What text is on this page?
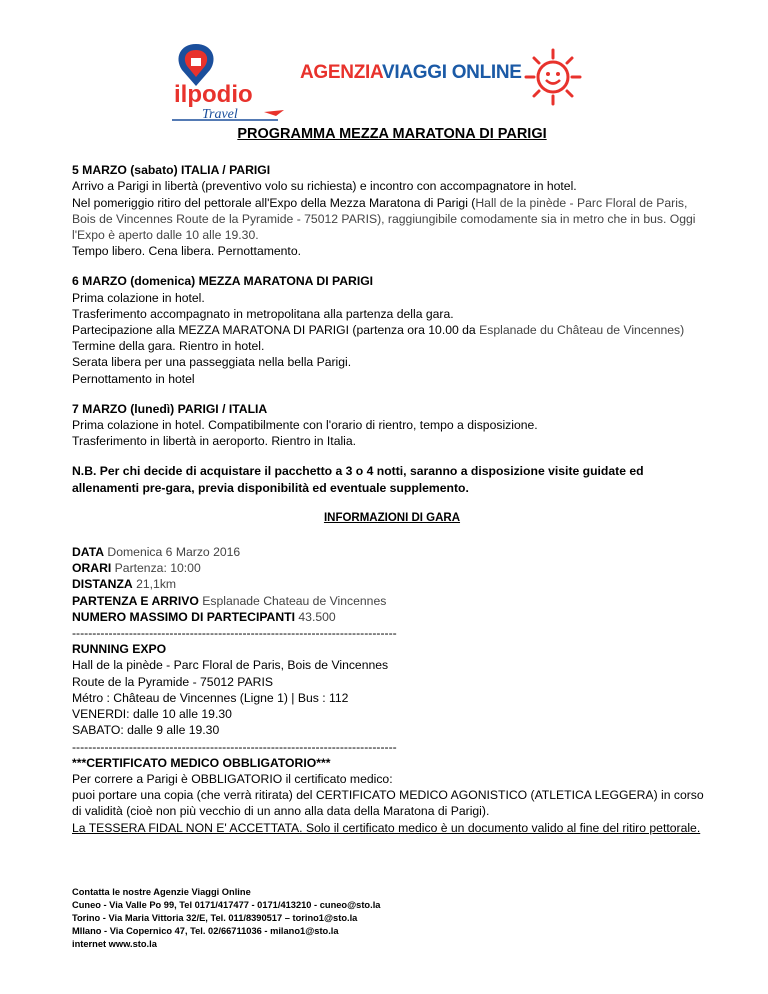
ilpodio
Travel
AGENZIAVIAGGI ONLINE
PROGRAMMA MEZZA MARATONA DI PARIGI

5 MARZO (sabato) ITALIA / PARIGI

Arrivo a Parigi in libertà (preventivo volo su richiesta) e incontro con accompagnatore in hotel.

Nel pomeriggio ritiro del pettorale all'Expo della Mezza Maratona di Parigi (Hall de la pinède - Parc Floral de Paris, Bois de Vincennes Route de la Pyramide - 75012 PARIS), raggiungibile comodamente sia in metro che in bus. Oggi l'Expo è aperto dalle 10 alle 19.30.

Tempo libero. Cena libera. Pernottamento.

6 MARZO (domenica) MEZZA MARATONA DI PARIGI

Prima colazione in hotel.

Trasferimento accompagnato in metropolitana alla partenza della gara.

Partecipazione alla MEZZA MARATONA DI PARIGI (partenza ora 10.00 da Esplanade du Château de Vincennes)

Termine della gara. Rientro in hotel.

Serata libera per una passeggiata nella bella Parigi.

Pernottamento in hotel

7 MARZO (lunedì) PARIGI / ITALIA

Prima colazione in hotel. Compatibilmente con l'orario di rientro, tempo a disposizione.

Trasferimento in libertà in aeroporto. Rientro in Italia.

N.B. Per chi decide di acquistare il pacchetto a 3 o 4 notti, saranno a disposizione visite guidate ed allenamenti pre-gara, previa disponibilità ed eventuale supplemento.

INFORMAZIONI DI GARA

DATA Domenica 6 Marzo 2016

ORARI Partenza: 10:00

DISTANZA 21,1km

PARTENZA E ARRIVO Esplanade Chateau de Vincennes

NUMERO MASSIMO DI PARTECIPANTI 43.500

--------------------------------------------------------------------------------

RUNNING EXPO

Hall de la pinède - Parc Floral de Paris, Bois de Vincennes

Route de la Pyramide - 75012 PARIS

Métro : Château de Vincennes (Ligne 1) | Bus : 112

VENERDI: dalle 10 alle 19.30

SABATO: dalle 9 alle 19.30

--------------------------------------------------------------------------------

***CERTIFICATO MEDICO OBBLIGATORIO***

Per correre a Parigi è OBBLIGATORIO il certificato medico:

puoi portare una copia (che verrà ritirata) del CERTIFICATO MEDICO AGONISTICO (ATLETICA LEGGERA) in corso di validità (cioè non più vecchio di un anno alla data della Maratona di Parigi).

La TESSERA FIDAL NON E' ACCETTATA. Solo il certificato medico è un documento valido al fine del ritiro pettorale.

Contatta le nostre Agenzie Viaggi Online
Cuneo - Via Valle Po 99, Tel 0171/417477 - 0171/413210 - cuneo@sto.la
Torino - Via Maria Vittoria 32/E, Tel. 011/8390517 – torino1@sto.la
MIlano - Via Copernico 47, Tel. 02/66711036 - milano1@sto.la
internet www.sto.la
